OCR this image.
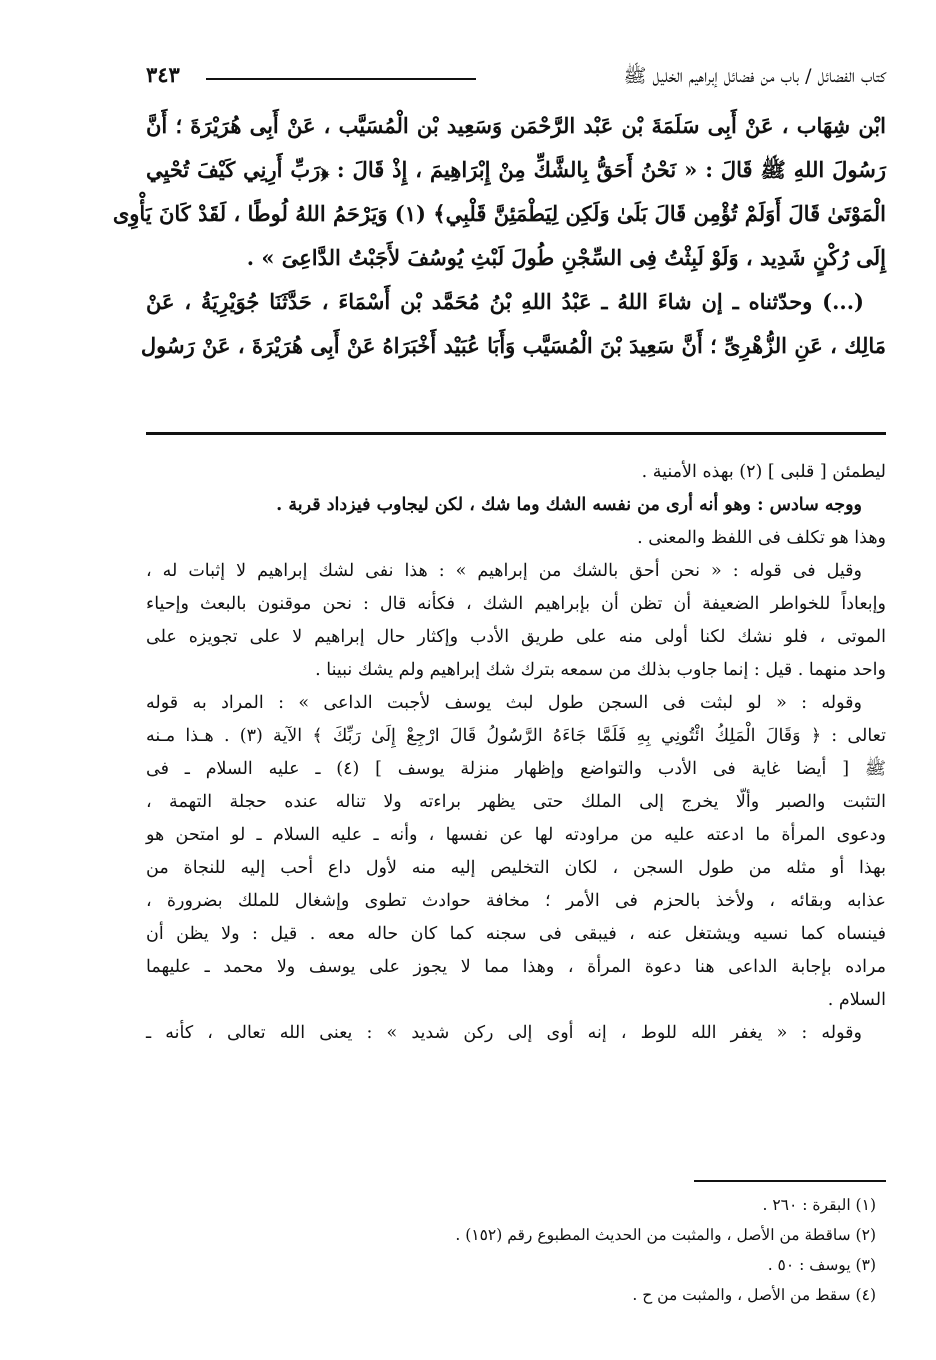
كتاب الفضائل / باب من فضائل إبراهيم الخليل ﷺ
٣٤٣
ابْن شِهَاب ، عَنْ أَبِى سَلَمَةَ بْن عَبْد الرَّحْمَن وَسَعِيد بْن الْمُسَيَّب ، عَنْ أَبِى هُرَيْرَةَ ؛ أَنَّ
رَسُولَ اللهِ ﷺ قَالَ : « نَحْنُ أَحَقُّ بِالشَّكِّ مِنْ إِبْرَاهِيمَ ، إِذْ قَالَ : ﴿رَبِّ أَرِنِي كَيْفَ تُحْيِي
الْمَوْتَىٰ قَالَ أَوَلَمْ تُؤْمِن قَالَ بَلَىٰ وَلَكِن لِيَطْمَئِنَّ قَلْبِي﴾ (١) وَيَرْحَمُ اللهُ لُوطًا ، لَقَدْ كَانَ يَأْوِى
إِلَى رُكْنٍ شَدِيد ، وَلَوْ لَبِثْتُ فِى السِّجْنِ طُولَ لَبْثِ يُوسُفَ لأَجَبْتُ الدَّاعِىَ » .
(...) وحدّثناه ـ إن شاءَ اللهُ ـ عَبْدُ اللهِ بْنُ مُحَمَّد بْن أَسْمَاءَ ، حَدَّثَنَا جُوَيْرِيَةُ ، عَنْ
مَالِك ، عَنِ الزُّهْرِىِّ ؛ أَنَّ سَعِيدَ بْنَ الْمُسَيَّب وَأَبَا عُبَيْد أَخْبَرَاهُ عَنْ أَبِى هُرَيْرَةَ ، عَنْ رَسُول
ليطمئن [ قلبى ] (٢) بهذه الأمنية .
ووجه سادس : وهو أنه أرى من نفسه الشك وما شك ، لكن ليجاوب فيزداد قربة .
وهذا هو تكلف فى اللفظ والمعنى .
وقيل فى قوله : « نحن أحق بالشك من إبراهيم » : هذا نفى لشك إبراهيم لا إثبات له ،
وإبعاداً للخواطر الضعيفة أن تظن أن بإبراهيم الشك ، فكأنه قال : نحن موقنون بالبعث وإحياء
الموتى ، فلو نشك لكنا أولى منه على طريق الأدب وإكثار حال إبراهيم لا على تجويزه على
واحد منهما . قيل : إنما جاوب بذلك من سمعه بترك شك إبراهيم ولم يشك نبينا .
وقوله : « لو لبثت فى السجن طول لبث يوسف لأجبت الداعى » : المراد به قوله
تعالى : ﴿ وَقَالَ الْمَلِكُ ائْتُونِي بِهِ فَلَمَّا جَاءَهُ الرَّسُولُ قَالَ ارْجِعْ إِلَىٰ رَبِّكَ ﴾ الآية (٣) . هـذا مـنه
ﷺ [ أيضا غاية فى الأدب والتواضع وإظهار منزلة يوسف ] (٤) ـ عليه السلام ـ فى
التثبت والصبر وألّا يخرج إلى الملك حتى يظهر براءته ولا تناله عنده حجلة التهمة ،
ودعوى المرأة ما ادعته عليه من مراودته لها عن نفسها ، وأنه ـ عليه السلام ـ لو امتحن هو
بهذا أو مثله من طول السجن ، لكان التخليص إليه منه لأول داع أحب إليه للنجاة من
عذابه وبقائه ، ولأخذ بالحزم فى الأمر ؛ مخافة حوادث تطوى وإشغال للملك بضرورة ،
فينساه كما نسيه ويشتغل عنه ، فيبقى فى سجنه كما كان حاله معه . قيل : ولا يظن أن
مراده بإجابة الداعى هنا دعوة المرأة ، وهذا مما لا يجوز على يوسف ولا محمد ـ عليهما
السلام .
وقوله : « يغفر الله للوط ، إنه أوى إلى ركن شديد » : يعنى الله تعالى ، كأنه ـ
(١) البقرة : ٢٦٠ .
(٢) ساقطة من الأصل ، والمثبت من الحديث المطبوع رقم (١٥٢) .
(٣) يوسف : ٥٠ .
(٤) سقط من الأصل ، والمثبت من ح .
